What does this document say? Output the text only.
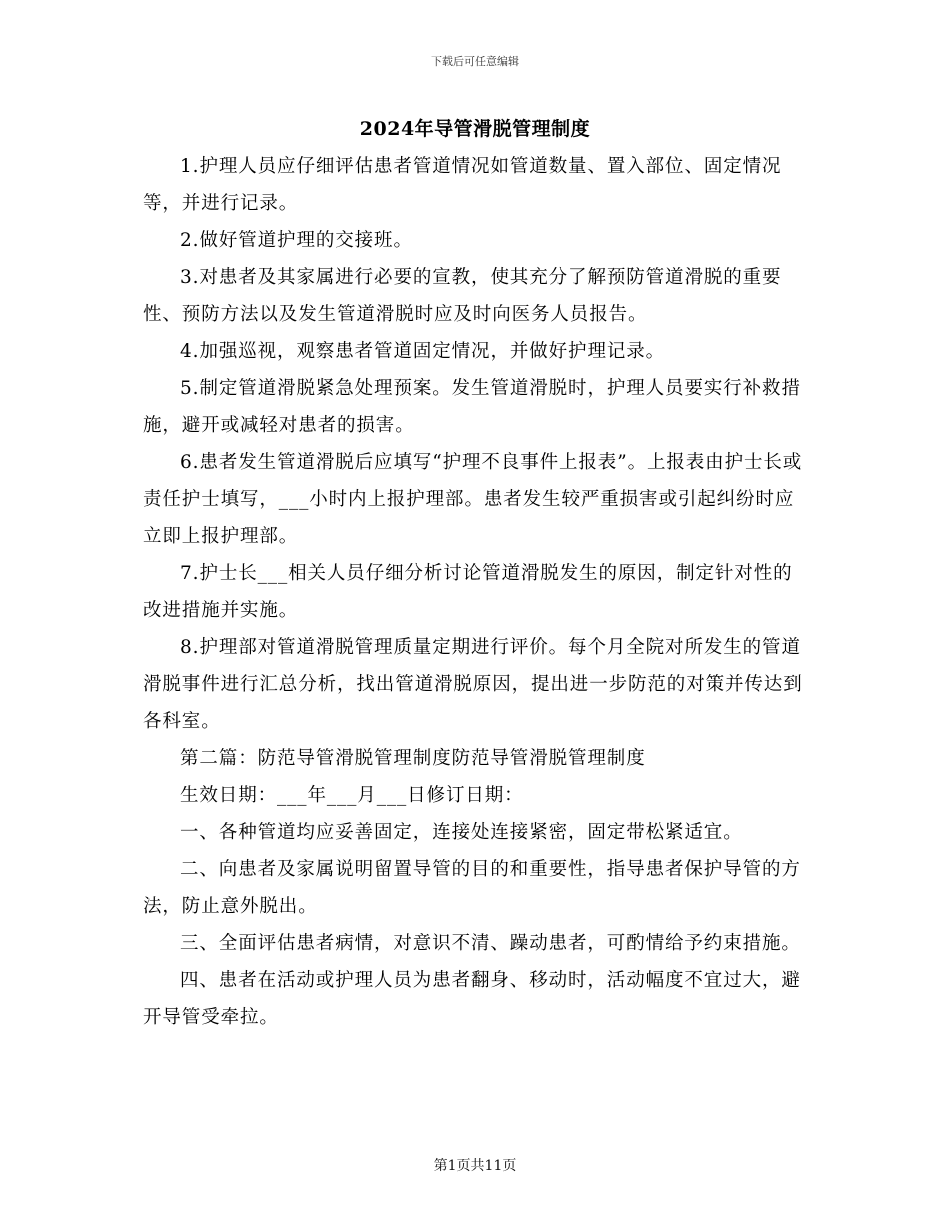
下载后可任意编辑
2024年导管滑脱管理制度

1.护理人员应仔细评估患者管道情况如管道数量、置入部位、固定情况等，并进行记录。

2.做好管道护理的交接班。

3.对患者及其家属进行必要的宣教，使其充分了解预防管道滑脱的重要性、预防方法以及发生管道滑脱时应及时向医务人员报告。

4.加强巡视，观察患者管道固定情况，并做好护理记录。

5.制定管道滑脱紧急处理预案。发生管道滑脱时，护理人员要实行补救措施，避开或减轻对患者的损害。

6.患者发生管道滑脱后应填写“护理不良事件上报表”。上报表由护士长或责任护士填写，___小时内上报护理部。患者发生较严重损害或引起纠纷时应立即上报护理部。

7.护士长___相关人员仔细分析讨论管道滑脱发生的原因，制定针对性的改进措施并实施。

8.护理部对管道滑脱管理质量定期进行评价。每个月全院对所发生的管道滑脱事件进行汇总分析，找出管道滑脱原因，提出进一步防范的对策并传达到各科室。

第二篇：防范导管滑脱管理制度防范导管滑脱管理制度

生效日期：___年___月___日修订日期：

一、各种管道均应妥善固定，连接处连接紧密，固定带松紧适宜。

二、向患者及家属说明留置导管的目的和重要性，指导患者保护导管的方法，防止意外脱出。

三、全面评估患者病情，对意识不清、躁动患者，可酌情给予约束措施。

四、患者在活动或护理人员为患者翻身、移动时，活动幅度不宜过大，避开导管受牵拉。

第1页共11页
